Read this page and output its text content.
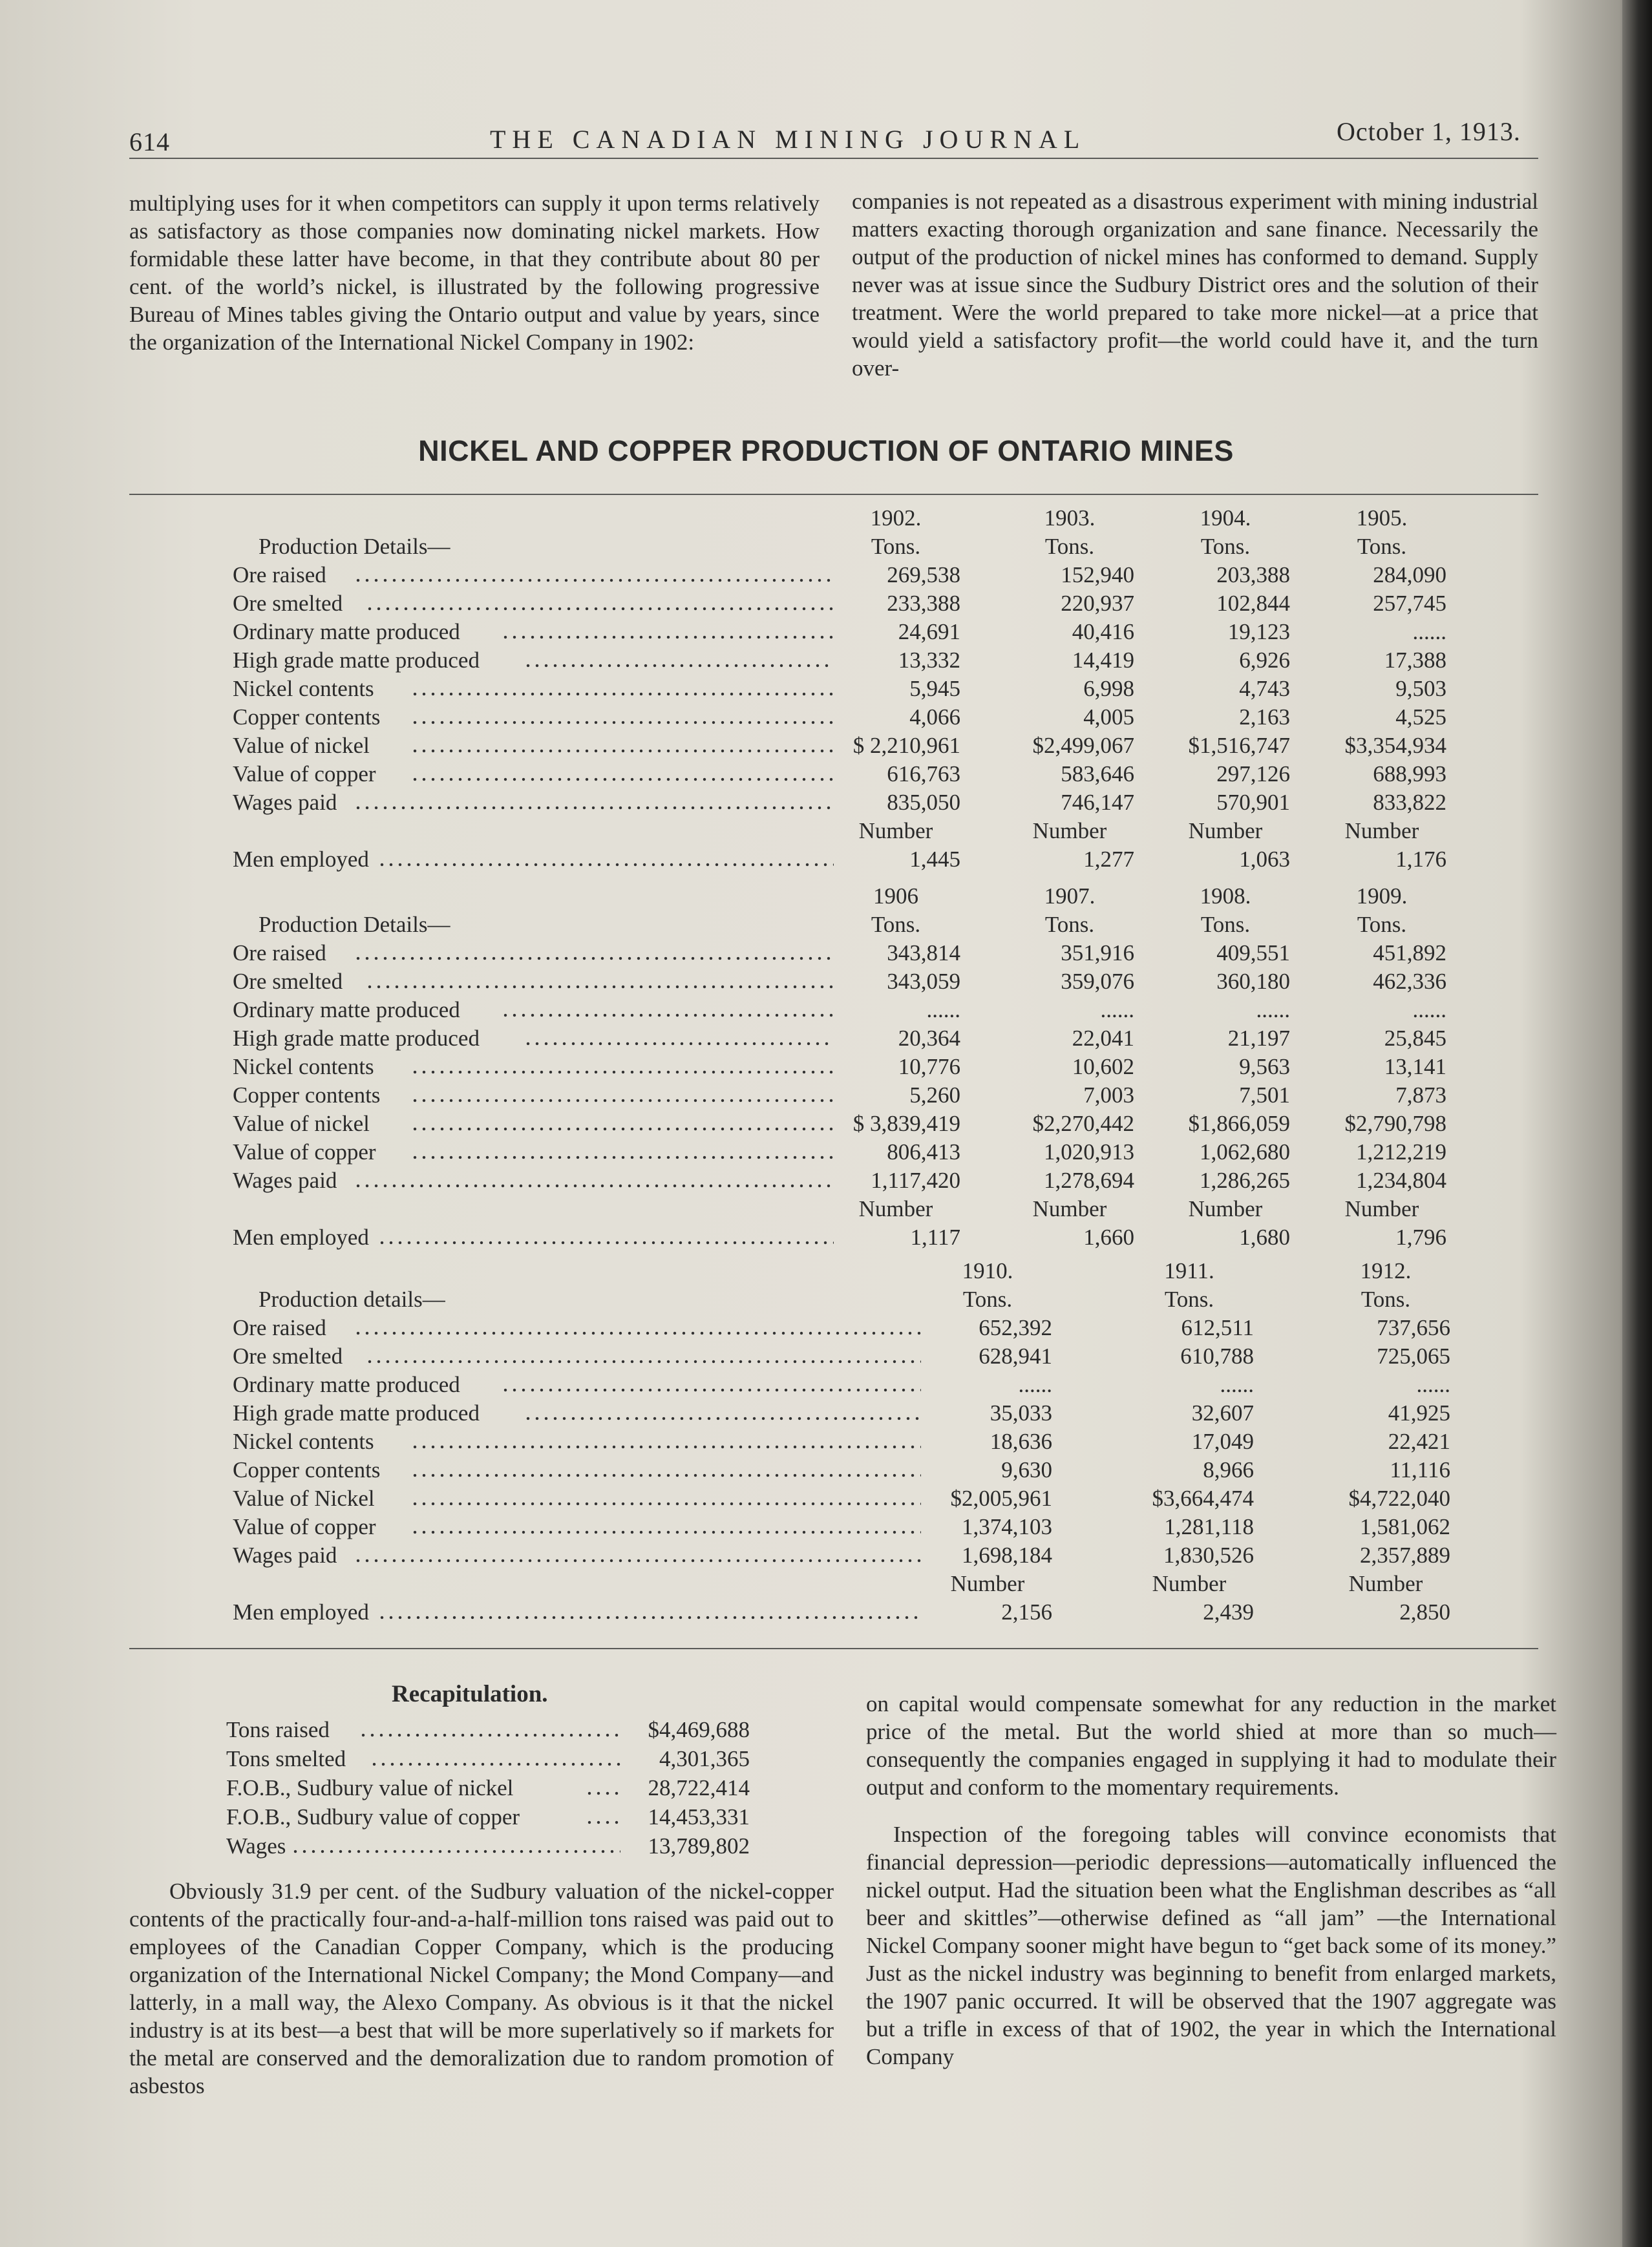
614	THE CANADIAN MINING JOURNAL	October 1, 1913.

multiplying uses for it when competitors can supply it upon terms relatively as satisfactory as those companies now dominating nickel markets. How formidable these latter have become, in that they contribute about 80 per cent. of the world’s nickel, is illustrated by the following progressive Bureau of Mines tables giving the Ontario output and value by years, since the organization of the International Nickel Company in 1902:

companies is not repeated as a disastrous experiment with mining industrial matters exacting thorough organization and sane finance. Necessarily the output of the production of nickel mines has conformed to demand. Supply never was at issue since the Sudbury District ores and the solution of their treatment. Were the world prepared to take more nickel—at a price that would yield a satisfactory profit—the world could have it, and the turn over-

NICKEL AND COPPER PRODUCTION OF ONTARIO MINES
1902.	1903.	1904.	1905.
Production Details—	Tons.	Tons.	Tons.	Tons.
Ore raised	269,538	152,940	203,388	284,090
Ore smelted	233,388	220,937	102,844	257,745
Ordinary matte produced	24,691	40,416	19,123	......
High grade matte produced	13,332	14,419	6,926	17,388
Nickel contents	5,945	6,998	4,743	9,503
Copper contents	4,066	4,005	2,163	4,525
Value of nickel	$ 2,210,961	$2,499,067	$1,516,747	$3,354,934
Value of copper	616,763	583,646	297,126	688,993
Wages paid	835,050	746,147	570,901	833,822
Number	Number	Number	Number
Men employed	1,445	1,277	1,063	1,176
1906	1907.	1908.	1909.
Production Details—	Tons.	Tons.	Tons.	Tons.
Ore raised	343,814	351,916	409,551	451,892
Ore smelted	343,059	359,076	360,180	462,336
Ordinary matte produced	......	......	......	......
High grade matte produced	20,364	22,041	21,197	25,845
Nickel contents	10,776	10,602	9,563	13,141
Copper contents	5,260	7,003	7,501	7,873
Value of nickel	$ 3,839,419	$2,270,442	$1,866,059	$2,790,798
Value of copper	806,413	1,020,913	1,062,680	1,212,219
Wages paid	1,117,420	1,278,694	1,286,265	1,234,804
Number	Number	Number	Number
Men employed	1,117	1,660	1,680	1,796
1910.	1911.	1912.
Production details—	Tons.	Tons.	Tons.
Ore raised	652,392	612,511	737,656
Ore smelted	628,941	610,788	725,065
Ordinary matte produced	......	......	......
High grade matte produced	35,033	32,607	41,925
Nickel contents	18,636	17,049	22,421
Copper contents	9,630	8,966	11,116
Value of Nickel	$2,005,961	$3,664,474	$4,722,040
Value of copper	1,374,103	1,281,118	1,581,062
Wages paid	1,698,184	1,830,526	2,357,889
Number	Number	Number
Men employed	2,156	2,439	2,850
Recapitulation.
Tons raised	$4,469,688
Tons smelted	4,301,365
F.O.B., Sudbury value of nickel	28,722,414
F.O.B., Sudbury value of copper	14,453,331
Wages	13,789,802

Obviously 31.9 per cent. of the Sudbury valuation of the nickel-copper contents of the practically four-and-a-half-million tons raised was paid out to employees of the Canadian Copper Company, which is the producing organization of the International Nickel Company; the Mond Company—and latterly, in a mall way, the Alexo Company. As obvious is it that the nickel industry is at its best—a best that will be more superlatively so if markets for the metal are conserved and the demoralization due to random promotion of asbestos

on capital would compensate somewhat for any reduction in the market price of the metal. But the world shied at more than so much—consequently the companies engaged in supplying it had to modulate their output and conform to the momentary requirements.

Inspection of the foregoing tables will convince economists that financial depression—periodic depressions—automatically influenced the nickel output. Had the situation been what the Englishman describes as “all beer and skittles”—otherwise defined as “all jam” —the International Nickel Company sooner might have begun to “get back some of its money.” Just as the nickel industry was beginning to benefit from enlarged markets, the 1907 panic occurred. It will be observed that the 1907 aggregate was but a trifle in excess of that of 1902, the year in which the International Company
